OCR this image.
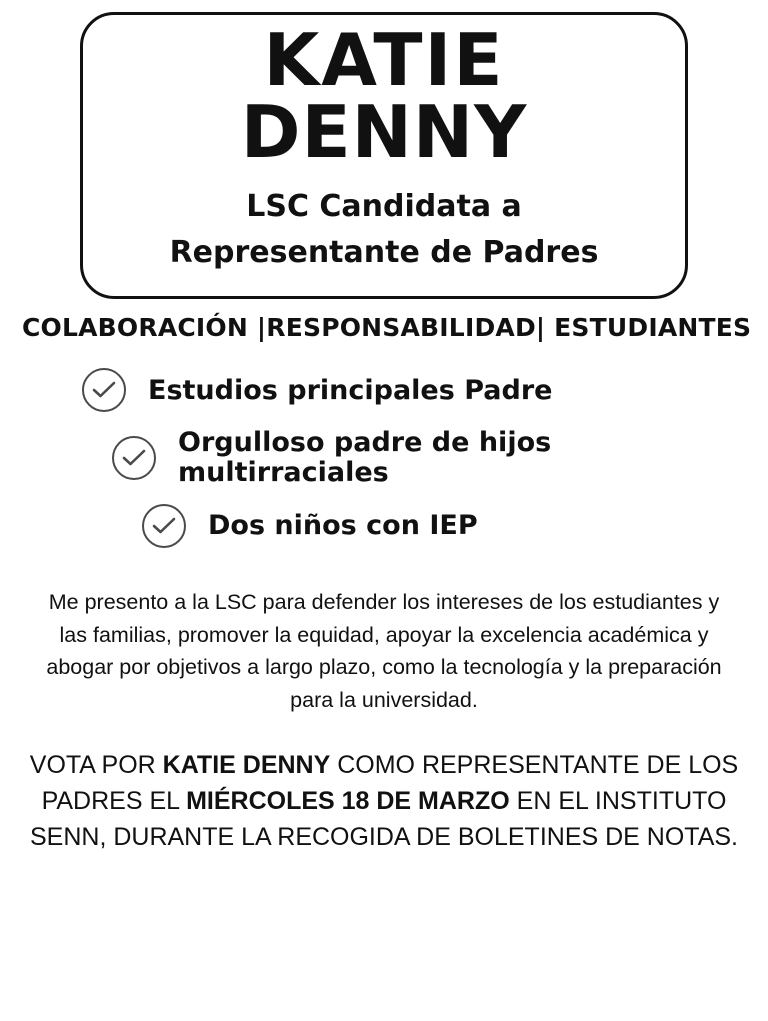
KATIE
DENNY
LSC Candidata a
Representante de Padres
COLABORACIÓN |RESPONSABILIDAD| ESTUDIANTES
Estudios principales Padre
Orgulloso padre de hijos multirraciales
Dos niños con IEP
Me presento a la LSC para defender los intereses de los estudiantes y las familias, promover la equidad, apoyar la excelencia académica y abogar por objetivos a largo plazo, como la tecnología y la preparación para la universidad.
VOTA POR KATIE DENNY COMO REPRESENTANTE DE LOS PADRES EL MIÉRCOLES 18 DE MARZO EN EL INSTITUTO SENN, DURANTE LA RECOGIDA DE BOLETINES DE NOTAS.
